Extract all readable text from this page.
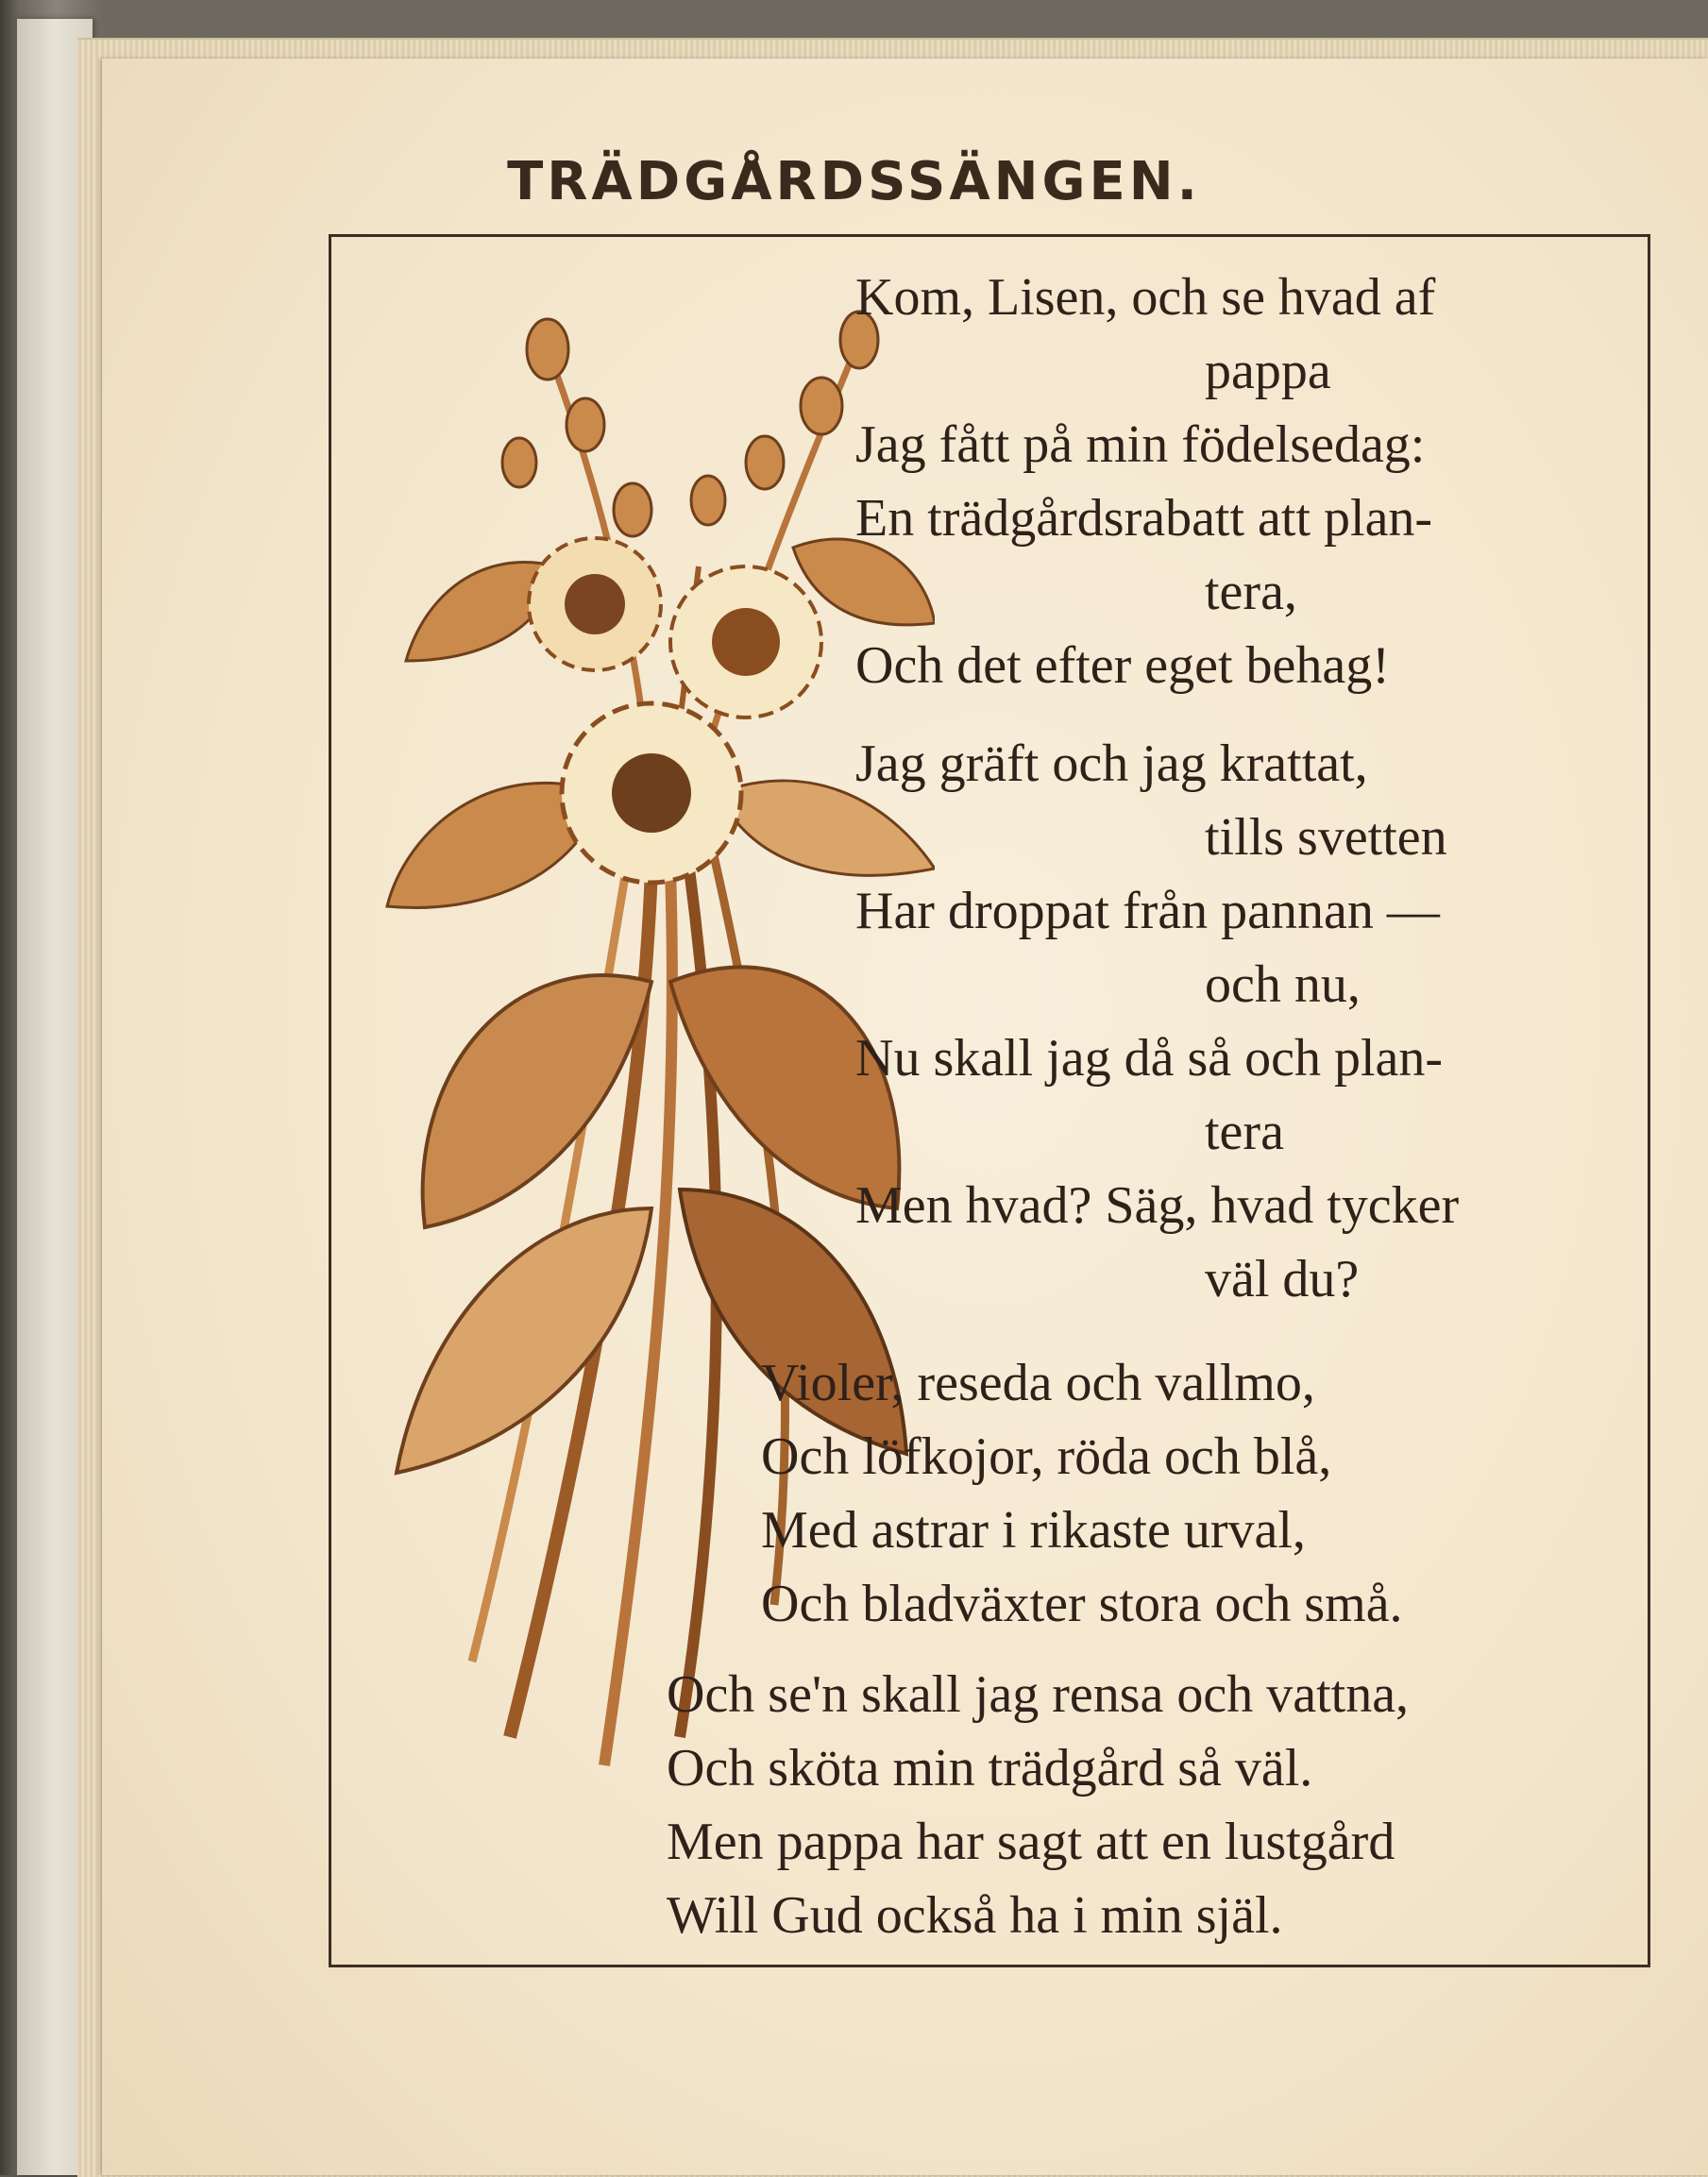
TRÄDGÅRDSSÄNGEN.
Kom, Lisen, och se hvad af
pappa
Jag fått på min födelsedag:
En trädgårdsrabatt att plan-
tera,
Och det efter eget behag!
Jag gräft och jag krattat,
tills svetten
Har droppat från pannan —
och nu,
Nu skall jag då så och plan-
tera
Men hvad? Säg, hvad tycker
väl du?
Violer, reseda och vallmo,
Och löfkojor, röda och blå,
Med astrar i rikaste urval,
Och bladväxter stora och små.
Och se'n skall jag rensa och vattna,
Och sköta min trädgård så väl.
Men pappa har sagt att en lustgård
Will Gud också ha i min själ.
